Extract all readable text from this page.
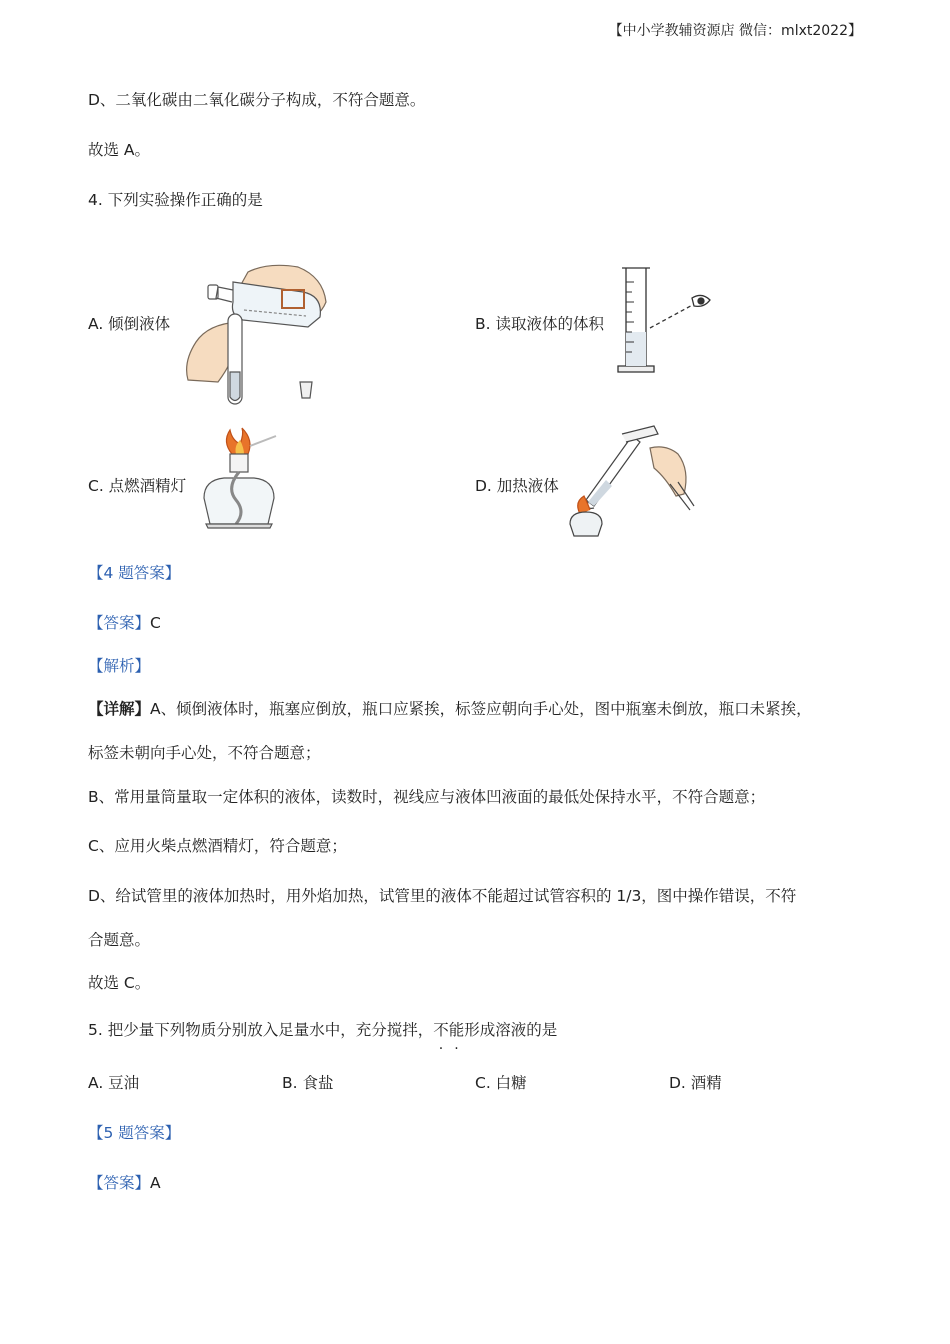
【中小学教辅资源店 微信：mlxt2022】
D、二氧化碳由二氧化碳分子构成，不符合题意。
故选 A。
4. 下列实验操作正确的是
A. 倾倒液体	B. 读取液体的体积
C. 点燃酒精灯	D. 加热液体
【4 题答案】
【答案】C
【解析】
【详解】A、倾倒液体时，瓶塞应倒放，瓶口应紧挨，标签应朝向手心处，图中瓶塞未倒放，瓶口未紧挨，
标签未朝向手心处，不符合题意；
B、常用量筒量取一定体积的液体，读数时，视线应与液体凹液面的最低处保持水平，不符合题意；
C、应用火柴点燃酒精灯，符合题意；
D、给试管里的液体加热时，用外焰加热，试管里的液体不能超过试管容积的 1/3，图中操作错误，不符
合题意。
故选 C。
5. 把少量下列物质分别放入足量水中，充分搅拌，不能形成溶液的是
A. 豆油	B. 食盐	C. 白糖	D. 酒精
【5 题答案】
【答案】A
